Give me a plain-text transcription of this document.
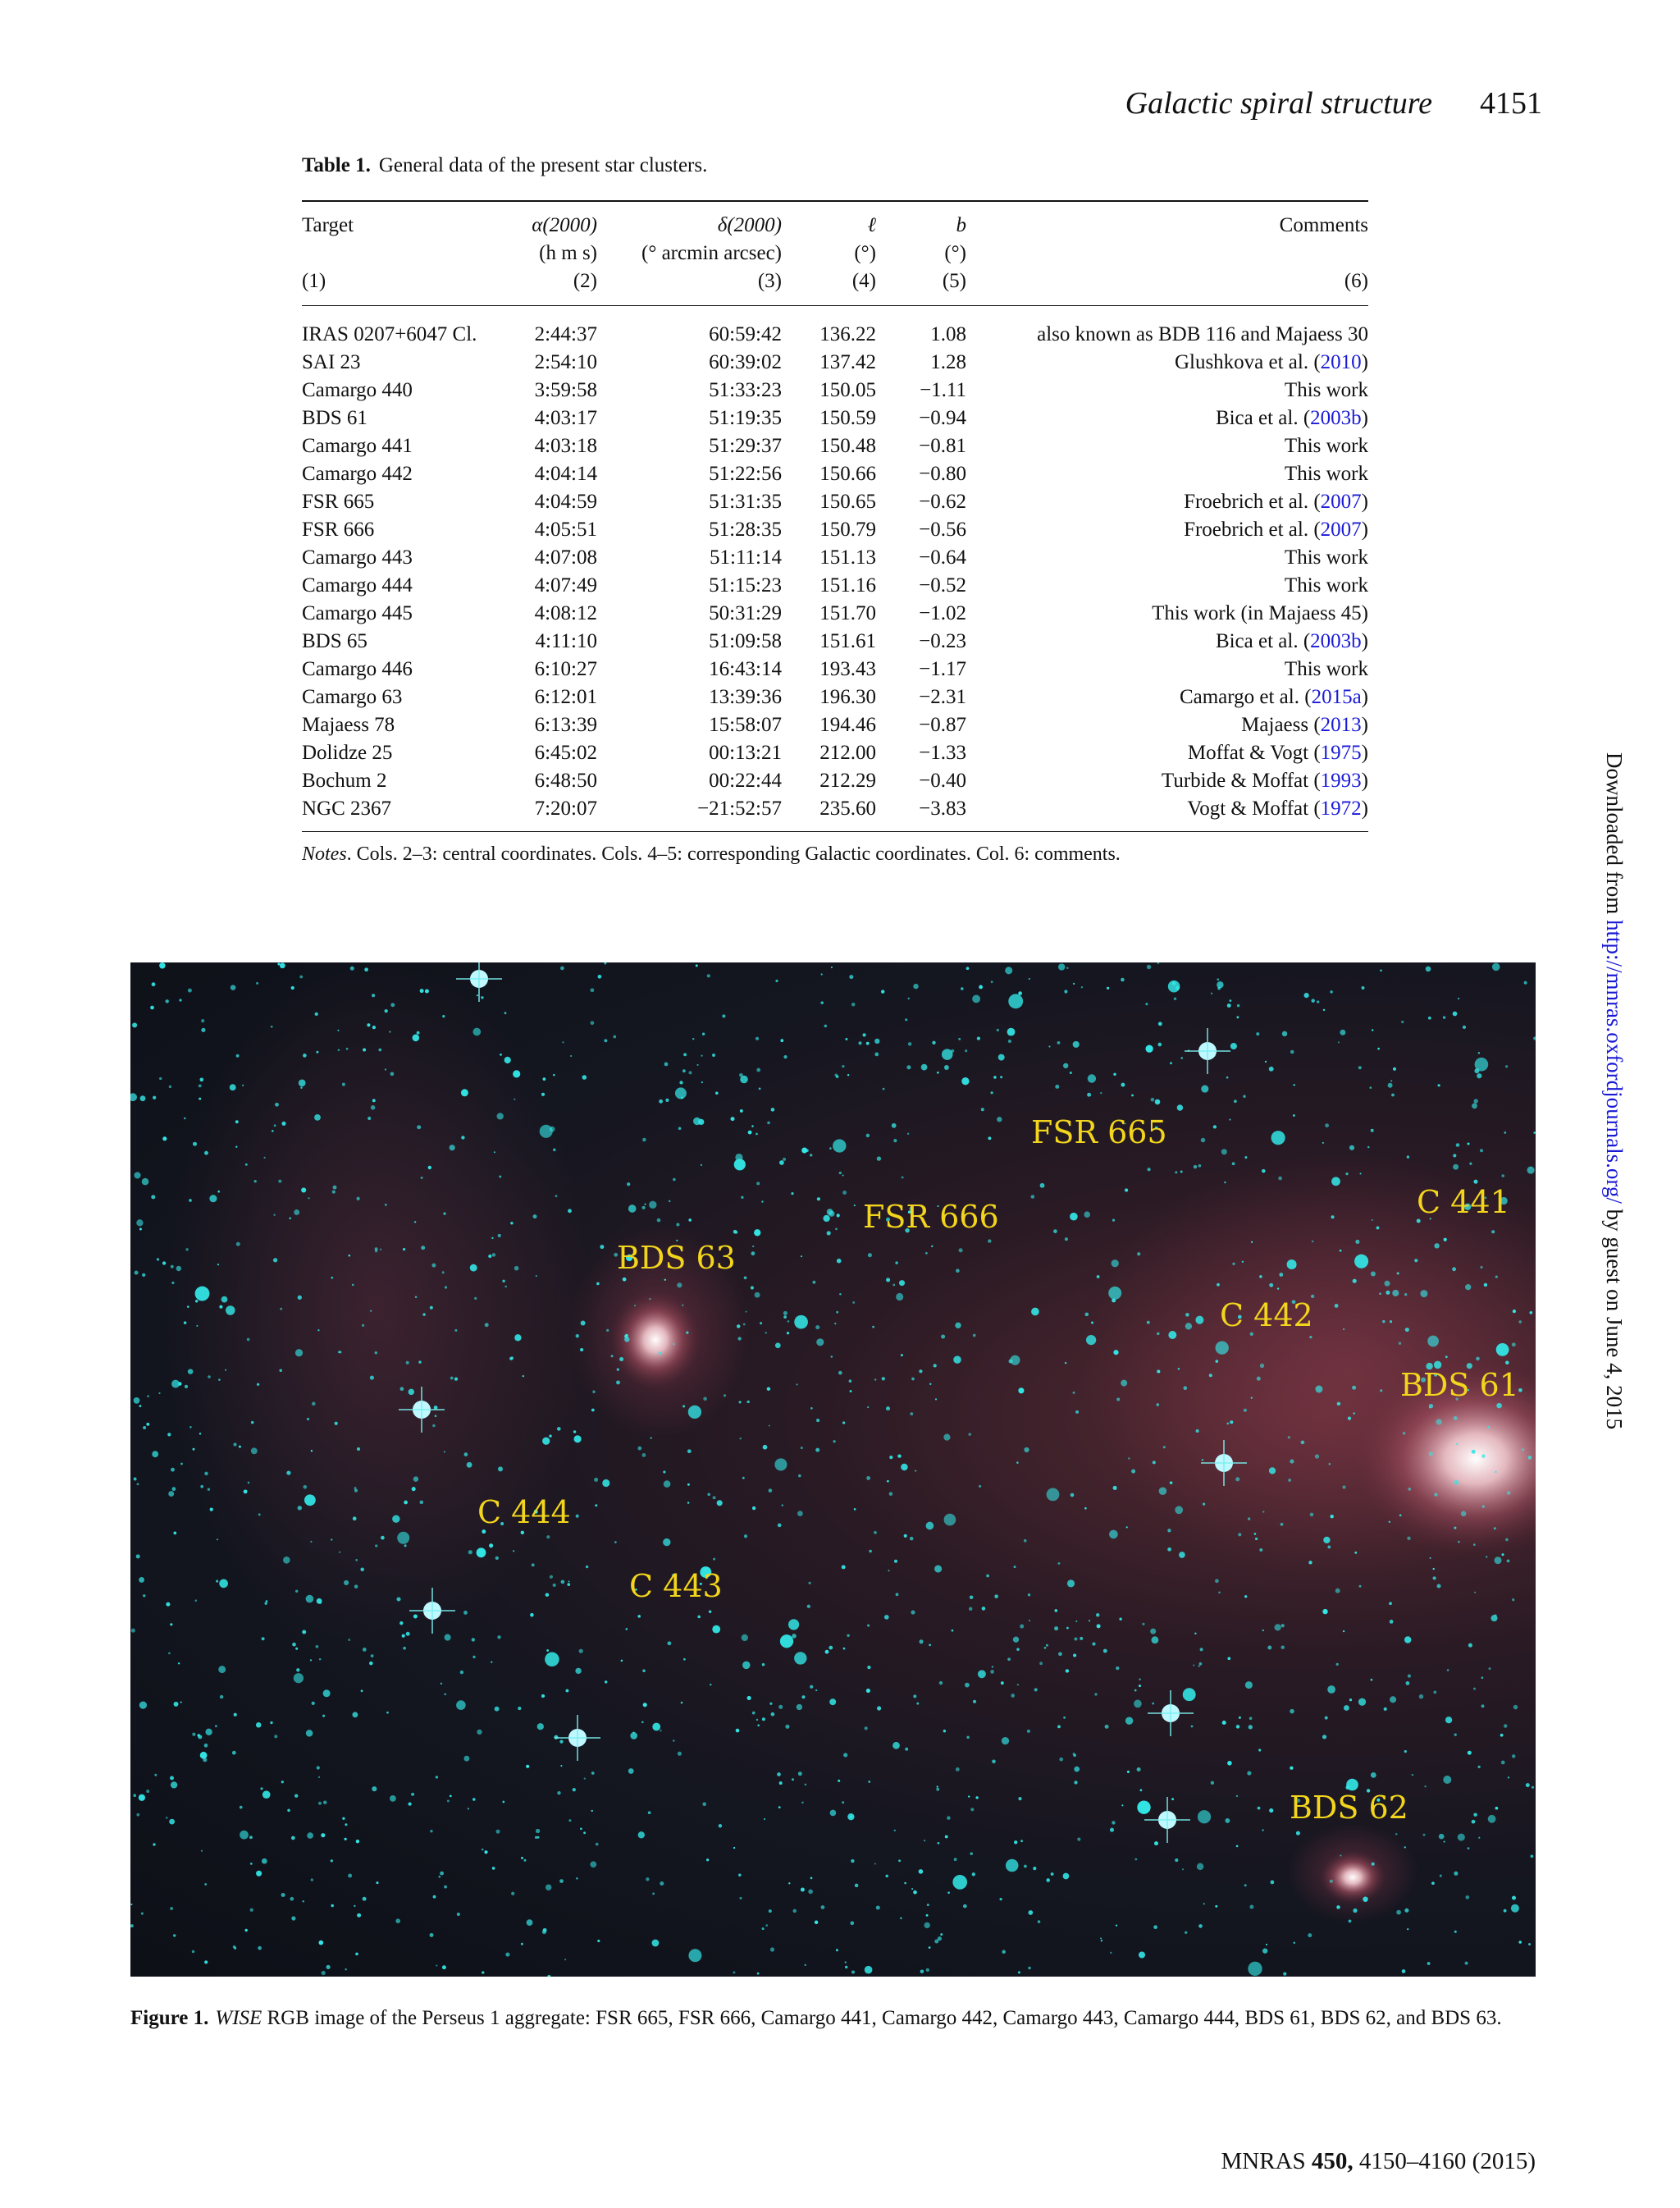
Galactic spiral structure 4151
Table 1. General data of the present star clusters.
Target	α(2000)	δ(2000)	ℓ	b	Comments
	(h m s)	(° arcmin arcsec)	(°)	(°)	
(1)	(2)	(3)	(4)	(5)	(6)
IRAS 0207+6047 Cl.	2:44:37	60:59:42	136.22	1.08	also known as BDB 116 and Majaess 30
SAI 23	2:54:10	60:39:02	137.42	1.28	Glushkova et al. (2010)
Camargo 440	3:59:58	51:33:23	150.05	−1.11	This work
BDS 61	4:03:17	51:19:35	150.59	−0.94	Bica et al. (2003b)
Camargo 441	4:03:18	51:29:37	150.48	−0.81	This work
Camargo 442	4:04:14	51:22:56	150.66	−0.80	This work
FSR 665	4:04:59	51:31:35	150.65	−0.62	Froebrich et al. (2007)
FSR 666	4:05:51	51:28:35	150.79	−0.56	Froebrich et al. (2007)
Camargo 443	4:07:08	51:11:14	151.13	−0.64	This work
Camargo 444	4:07:49	51:15:23	151.16	−0.52	This work
Camargo 445	4:08:12	50:31:29	151.70	−1.02	This work (in Majaess 45)
BDS 65	4:11:10	51:09:58	151.61	−0.23	Bica et al. (2003b)
Camargo 446	6:10:27	16:43:14	193.43	−1.17	This work
Camargo 63	6:12:01	13:39:36	196.30	−2.31	Camargo et al. (2015a)
Majaess 78	6:13:39	15:58:07	194.46	−0.87	Majaess (2013)
Dolidze 25	6:45:02	00:13:21	212.00	−1.33	Moffat & Vogt (1975)
Bochum 2	6:48:50	00:22:44	212.29	−0.40	Turbide & Moffat (1993)
NGC 2367	7:20:07	−21:52:57	235.60	−3.83	Vogt & Moffat (1972)
Notes. Cols. 2–3: central coordinates. Cols. 4–5: corresponding Galactic coordinates. Col. 6: comments.
FSR 665
FSR 666
BDS 63
C 441
C 442
BDS 61
C 444
C 443
BDS 62
Figure 1. WISE RGB image of the Perseus 1 aggregate: FSR 665, FSR 666, Camargo 441, Camargo 442, Camargo 443, Camargo 444, BDS 61, BDS 62, and BDS 63.
MNRAS 450, 4150–4160 (2015)
Downloaded from http://mnras.oxfordjournals.org/ by guest on June 4, 2015
